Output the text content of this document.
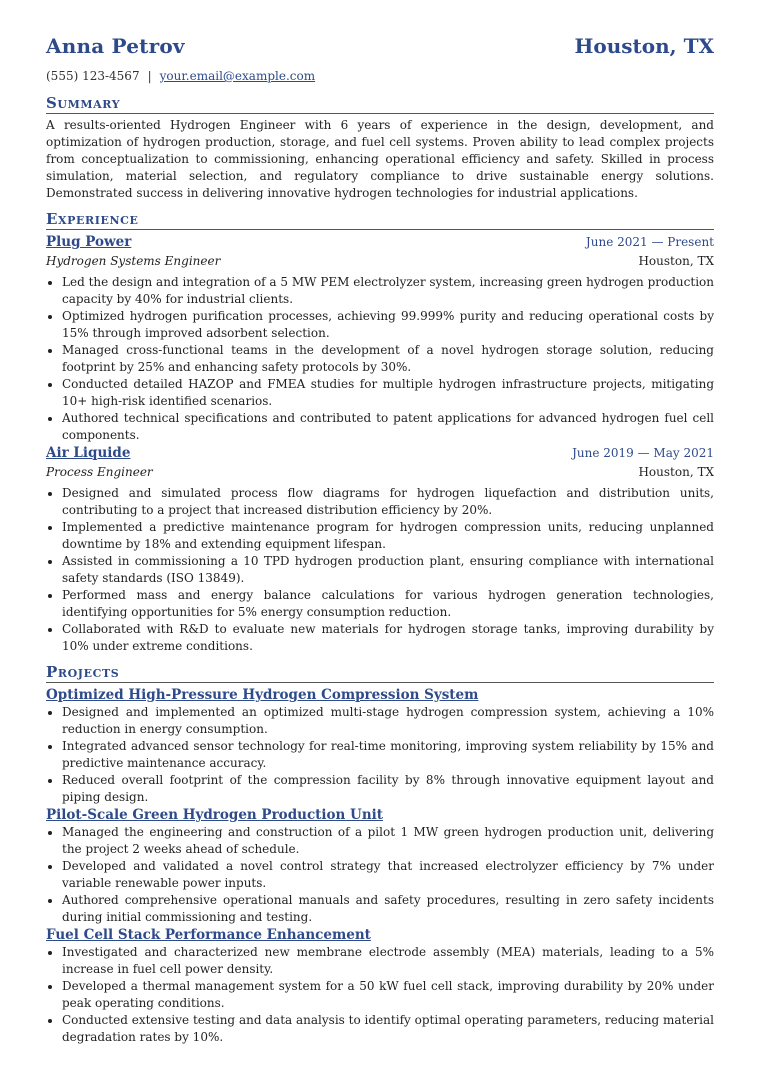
Anna Petrov	Houston, TX
(555) 123-4567 | your.email@example.com
Summary
A results-oriented Hydrogen Engineer with 6 years of experience in the design, development, and optimization of hydrogen production, storage, and fuel cell systems. Proven ability to lead complex projects from conceptualization to commissioning, enhancing operational efficiency and safety. Skilled in process simulation, material selection, and regulatory compliance to drive sustainable energy solutions. Demonstrated success in delivering innovative hydrogen technologies for industrial applications.
Experience
Plug Power	June 2021 — Present
Hydrogen Systems Engineer	Houston, TX
• Led the design and integration of a 5 MW PEM electrolyzer system, increasing green hydrogen production capacity by 40% for industrial clients.
• Optimized hydrogen purification processes, achieving 99.999% purity and reducing operational costs by 15% through improved adsorbent selection.
• Managed cross-functional teams in the development of a novel hydrogen storage solution, reducing footprint by 25% and enhancing safety protocols by 30%.
• Conducted detailed HAZOP and FMEA studies for multiple hydrogen infrastructure projects, mitigating 10+ high-risk identified scenarios.
• Authored technical specifications and contributed to patent applications for advanced hydrogen fuel cell components.
Air Liquide	June 2019 — May 2021
Process Engineer	Houston, TX
• Designed and simulated process flow diagrams for hydrogen liquefaction and distribution units, contributing to a project that increased distribution efficiency by 20%.
• Implemented a predictive maintenance program for hydrogen compression units, reducing unplanned downtime by 18% and extending equipment lifespan.
• Assisted in commissioning a 10 TPD hydrogen production plant, ensuring compliance with international safety standards (ISO 13849).
• Performed mass and energy balance calculations for various hydrogen generation technologies, identifying opportunities for 5% energy consumption reduction.
• Collaborated with R&D to evaluate new materials for hydrogen storage tanks, improving durability by 10% under extreme conditions.
Projects
Optimized High-Pressure Hydrogen Compression System
• Designed and implemented an optimized multi-stage hydrogen compression system, achieving a 10% reduction in energy consumption.
• Integrated advanced sensor technology for real-time monitoring, improving system reliability by 15% and predictive maintenance accuracy.
• Reduced overall footprint of the compression facility by 8% through innovative equipment layout and piping design.
Pilot-Scale Green Hydrogen Production Unit
• Managed the engineering and construction of a pilot 1 MW green hydrogen production unit, delivering the project 2 weeks ahead of schedule.
• Developed and validated a novel control strategy that increased electrolyzer efficiency by 7% under variable renewable power inputs.
• Authored comprehensive operational manuals and safety procedures, resulting in zero safety incidents during initial commissioning and testing.
Fuel Cell Stack Performance Enhancement
• Investigated and characterized new membrane electrode assembly (MEA) materials, leading to a 5% increase in fuel cell power density.
• Developed a thermal management system for a 50 kW fuel cell stack, improving durability by 20% under peak operating conditions.
• Conducted extensive testing and data analysis to identify optimal operating parameters, reducing material degradation rates by 10%.
